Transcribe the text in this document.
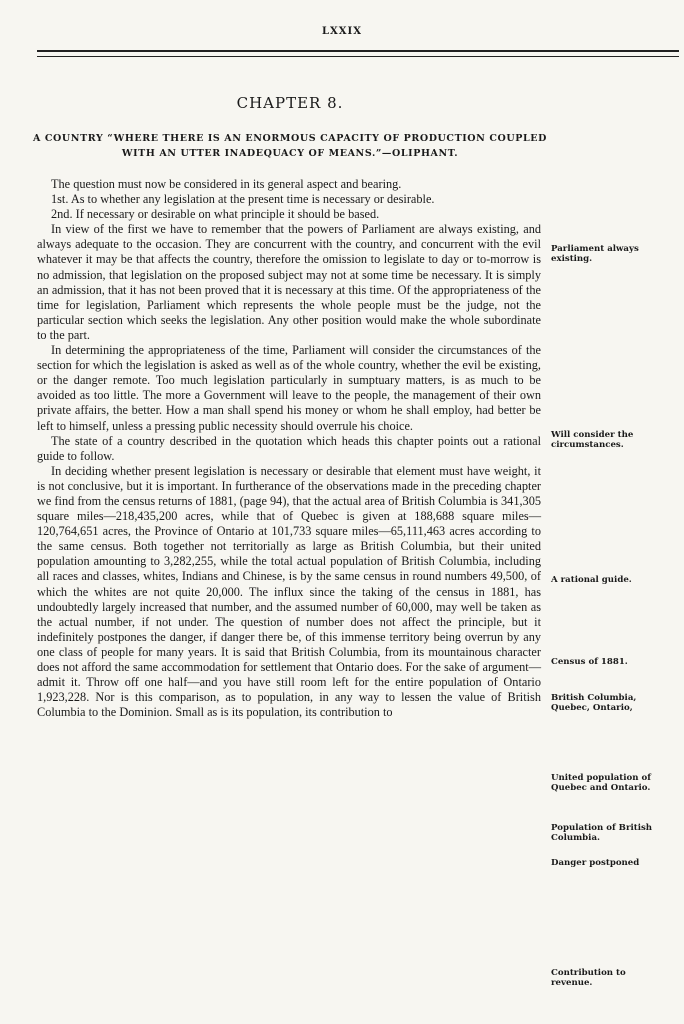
LXXIX
CHAPTER 8.
A COUNTRY “WHERE THERE IS AN ENORMOUS CAPACITY OF PRODUCTION COUPLED WITH AN UTTER INADEQUACY OF MEANS.”—OLIPHANT.

The question must now be considered in its general aspect and bearing.

1st. As to whether any legislation at the present time is necessary or desirable.

2nd. If necessary or desirable on what principle it should be based.

In view of the first we have to remember that the powers of Parliament are always existing, and always adequate to the occasion. They are concurrent with the country, and concurrent with the evil whatever it may be that affects the country, therefore the omission to legislate to day or to-morrow is no admission, that legislation on the proposed subject may not at some time be necessary. It is simply an admission, that it has not been proved that it is necessary at this time. Of the appropriateness of the time for legislation, Parliament which represents the whole people must be the judge, not the particular section which seeks the legislation. Any other position would make the whole subordinate to the part.

In determining the appropriateness of the time, Parliament will consider the circumstances of the section for which the legislation is asked as well as of the whole country, whether the evil be existing, or the danger remote. Too much legislation particularly in sumptuary matters, is as much to be avoided as too little. The more a Government will leave to the people, the management of their own private affairs, the better. How a man shall spend his money or whom he shall employ, had better be left to himself, unless a pressing public necessity should overrule his choice.

The state of a country described in the quotation which heads this chapter points out a rational guide to follow.

In deciding whether present legislation is necessary or desirable that element must have weight, it is not conclusive, but it is important. In furtherance of the observations made in the preceding chapter we find from the census returns of 1881, (page 94), that the actual area of British Columbia is 341,305 square miles—218,435,200 acres, while that of Quebec is given at 188,688 square miles—120,764,651 acres, the Province of Ontario at 101,733 square miles—65,111,463 acres according to the same census. Both together not territorially as large as British Columbia, but their united population amounting to 3,282,255, while the total actual population of British Columbia, including all races and classes, whites, Indians and Chinese, is by the same census in round numbers 49,500, of which the whites are not quite 20,000. The influx since the taking of the census in 1881, has undoubtedly largely increased that number, and the assumed number of 60,000, may well be taken as the actual number, if not under. The question of number does not affect the principle, but it indefinitely postpones the danger, if danger there be, of this immense territory being overrun by any one class of people for many years. It is said that British Columbia, from its mountainous character does not afford the same accommodation for settlement that Ontario does. For the sake of argument—admit it. Throw off one half—and you have still room left for the entire population of Ontario 1,923,228. Nor is this comparison, as to population, in any way to lessen the value of British Columbia to the Dominion. Small as is its population, its contribution to

Parliament always existing.
Will consider the circumstances.
A rational guide.
Census of 1881.
British Columbia, Quebec, Ontario,
United population of Quebec and Ontario.
Population of British Columbia.
Danger postponed
Contribution to revenue.
